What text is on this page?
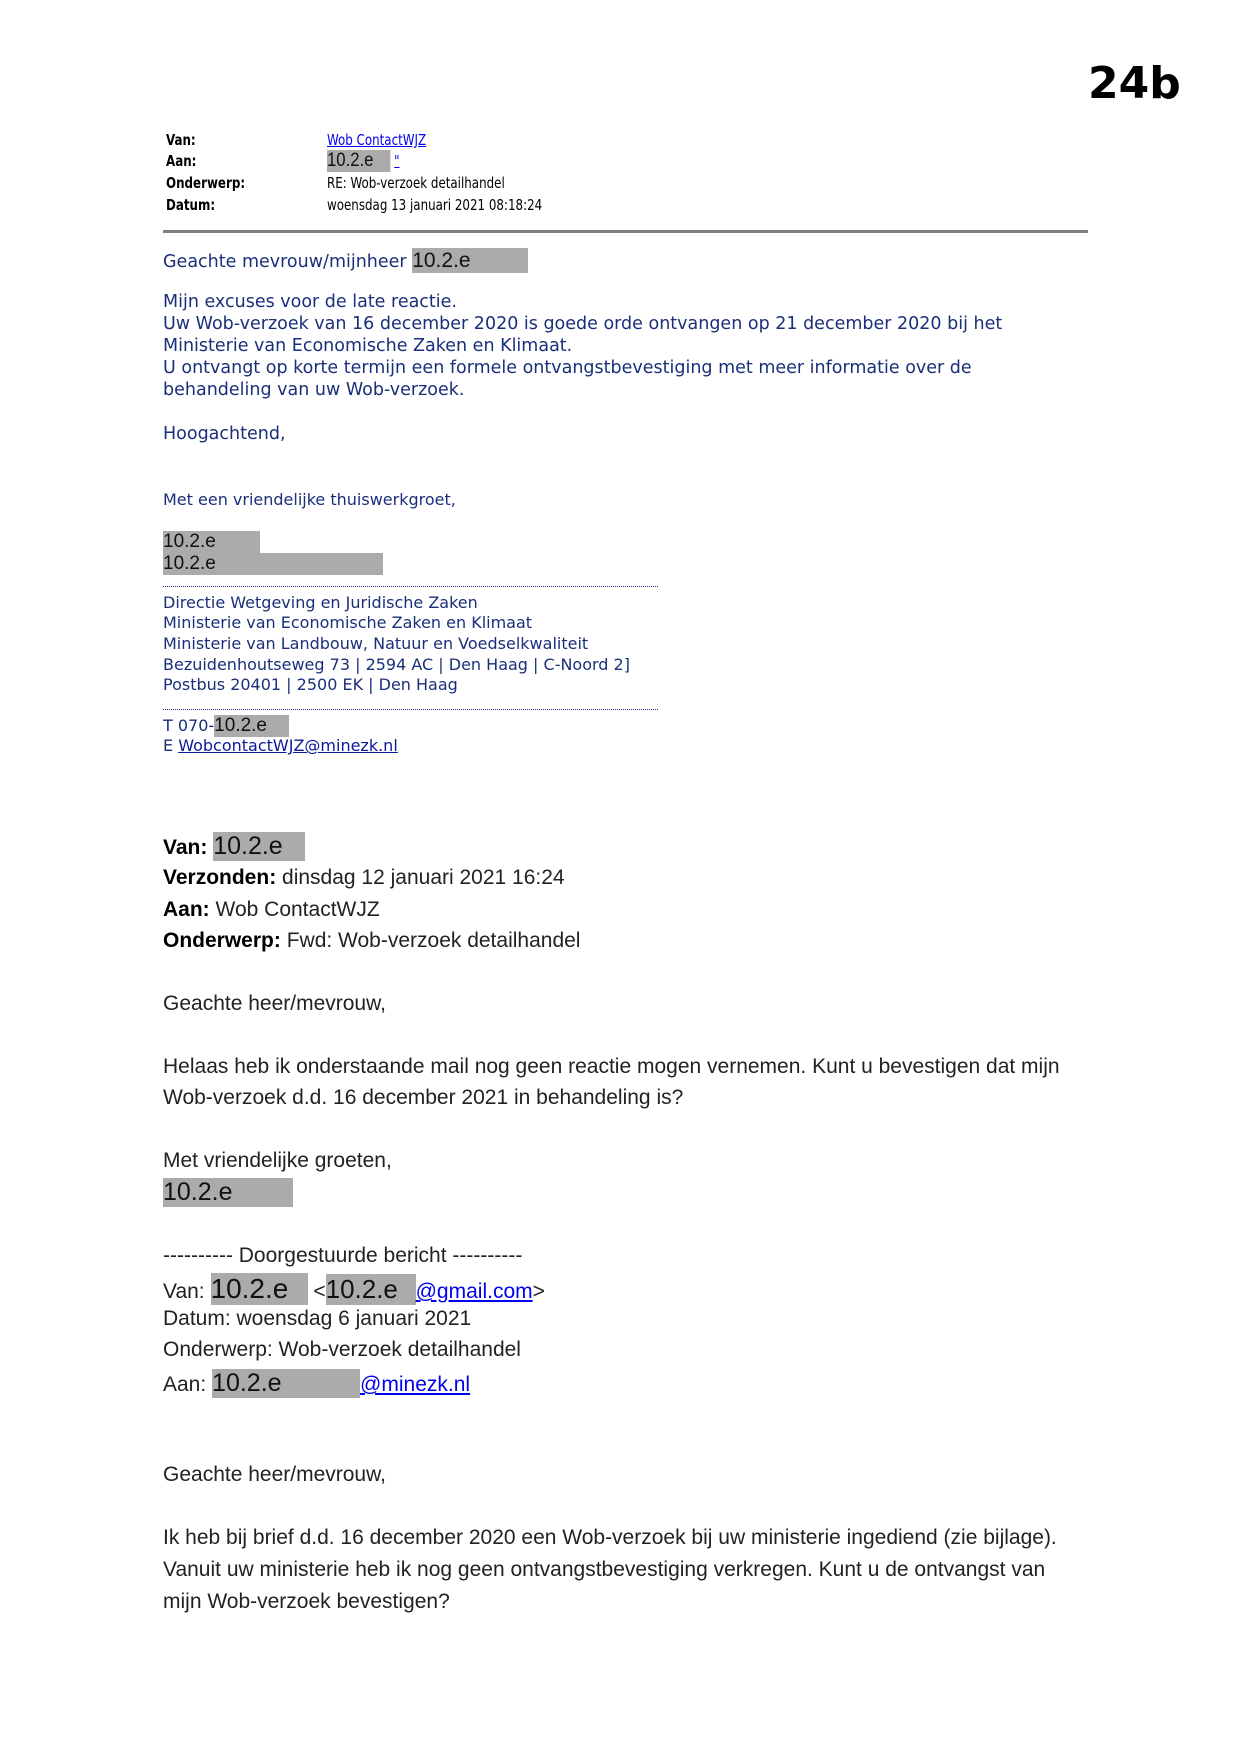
24b
Van:	Wob ContactWJZ
Aan:	10.2.e "
Onderwerp:	RE: Wob-verzoek detailhandel
Datum:	woensdag 13 januari 2021 08:18:24
Geachte mevrouw/mijnheer 10.2.e
Mijn excuses voor de late reactie.
Uw Wob-verzoek van 16 december 2020 is goede orde ontvangen op 21 december 2020 bij het
Ministerie van Economische Zaken en Klimaat.
U ontvangt op korte termijn een formele ontvangstbevestiging met meer informatie over de
behandeling van uw Wob-verzoek.
Hoogachtend,
Met een vriendelijke thuiswerkgroet,
10.2.e
10.2.e
Directie Wetgeving en Juridische Zaken
Ministerie van Economische Zaken en Klimaat
Ministerie van Landbouw, Natuur en Voedselkwaliteit
Bezuidenhoutseweg 73 | 2594 AC | Den Haag | C-Noord 2]
Postbus 20401 | 2500 EK | Den Haag
T 070-10.2.e
E WobcontactWJZ@minezk.nl
Van: 10.2.e
Verzonden: dinsdag 12 januari 2021 16:24
Aan: Wob ContactWJZ
Onderwerp: Fwd: Wob-verzoek detailhandel
Geachte heer/mevrouw,
Helaas heb ik onderstaande mail nog geen reactie mogen vernemen. Kunt u bevestigen dat mijn
Wob-verzoek d.d. 16 december 2021 in behandeling is?
Met vriendelijke groeten,
10.2.e
---------- Doorgestuurde bericht ----------
Van: 10.2.e <10.2.e @gmail.com>
Datum: woensdag 6 januari 2021
Onderwerp: Wob-verzoek detailhandel
Aan: 10.2.e	@minezk.nl
Geachte heer/mevrouw,
Ik heb bij brief d.d. 16 december 2020 een Wob-verzoek bij uw ministerie ingediend (zie bijlage).
Vanuit uw ministerie heb ik nog geen ontvangstbevestiging verkregen. Kunt u de ontvangst van
mijn Wob-verzoek bevestigen?
